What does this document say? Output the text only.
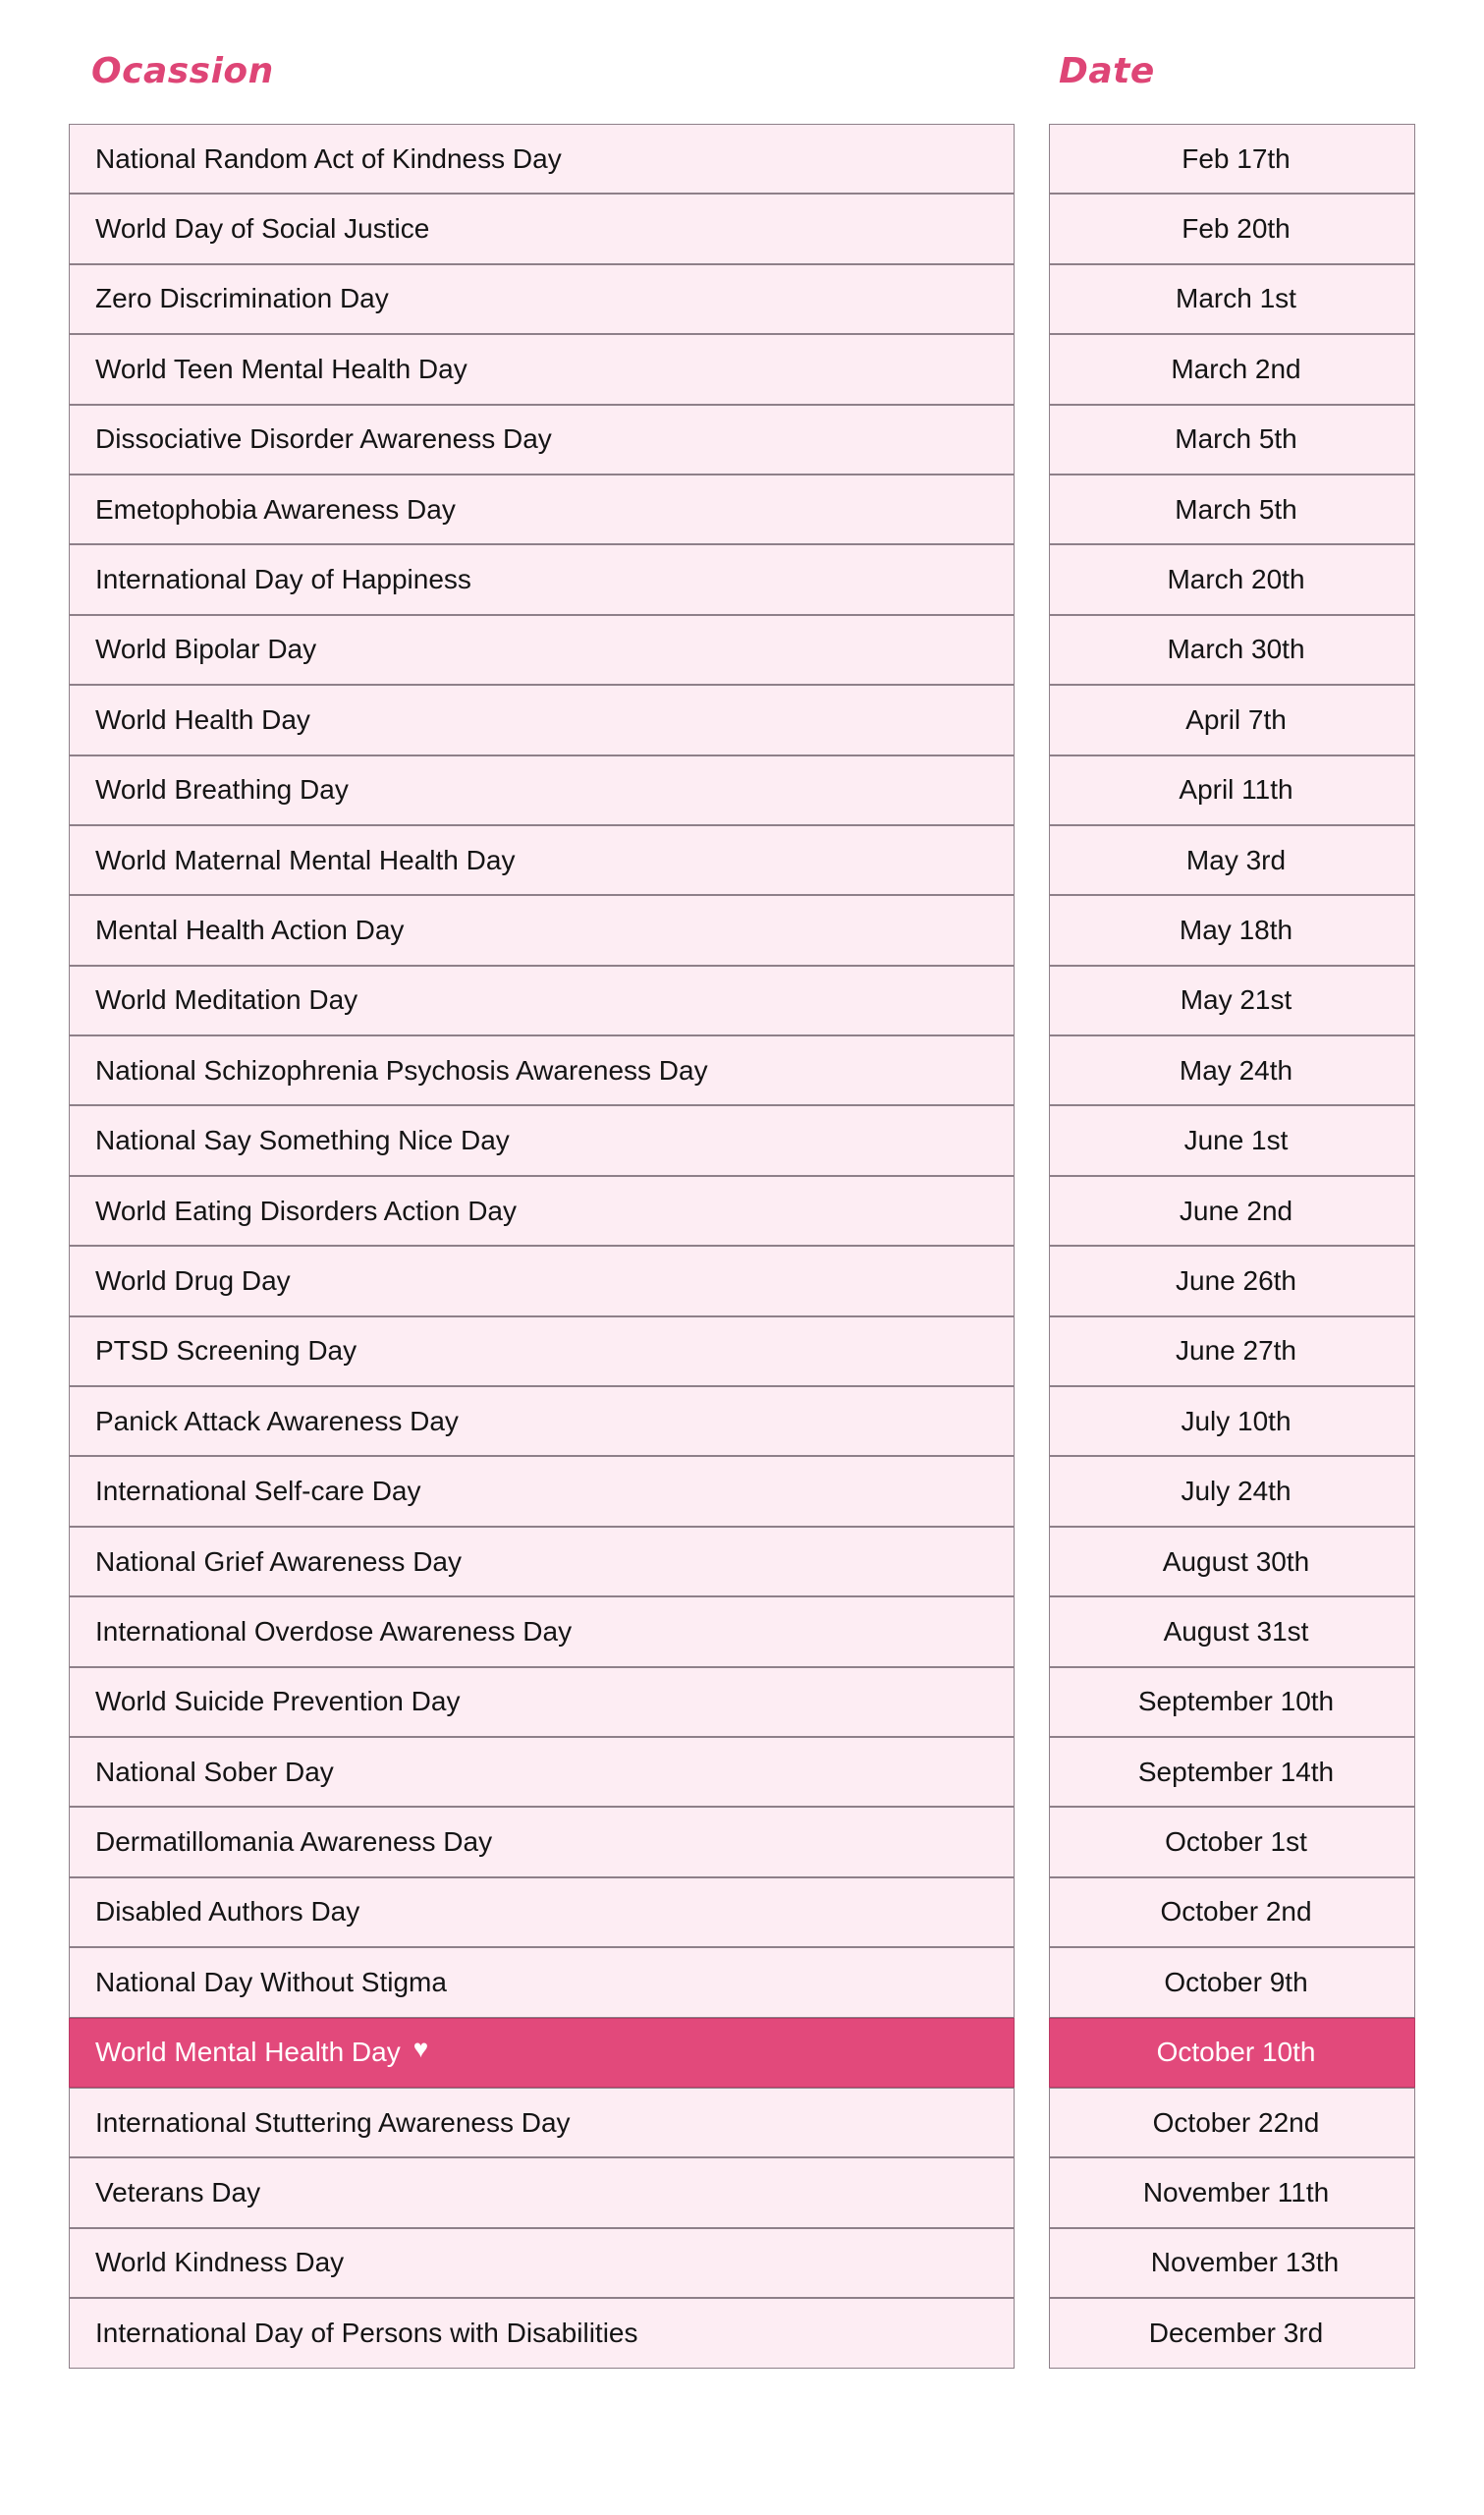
Ocassion	Date
National Random Act of Kindness Day	Feb 17th
World Day of Social Justice	Feb 20th
Zero Discrimination Day	March 1st
World Teen Mental Health Day	March 2nd
Dissociative Disorder Awareness Day	March 5th
Emetophobia Awareness Day	March 5th
International Day of Happiness	March 20th
World Bipolar Day	March 30th
World Health Day	April 7th
World Breathing Day	April 11th
World Maternal Mental Health Day	May 3rd
Mental Health Action Day	May 18th
World Meditation Day	May 21st
National Schizophrenia Psychosis Awareness Day	May 24th
National Say Something Nice Day	June 1st
World Eating Disorders Action Day	June 2nd
World Drug Day	June 26th
PTSD Screening Day	June 27th
Panick Attack Awareness Day	July 10th
International Self-care Day	July 24th
National Grief Awareness Day	August 30th
International Overdose Awareness Day	August 31st
World Suicide Prevention Day	September 10th
National Sober Day	September 14th
Dermatillomania Awareness Day	October 1st
Disabled Authors Day	October 2nd
National Day Without Stigma	October 9th
World Mental Health Day ♥	October 10th
International Stuttering Awareness Day	October 22nd
Veterans Day	November 11th
World Kindness Day	November 13th
International Day of Persons with Disabilities	December 3rd
